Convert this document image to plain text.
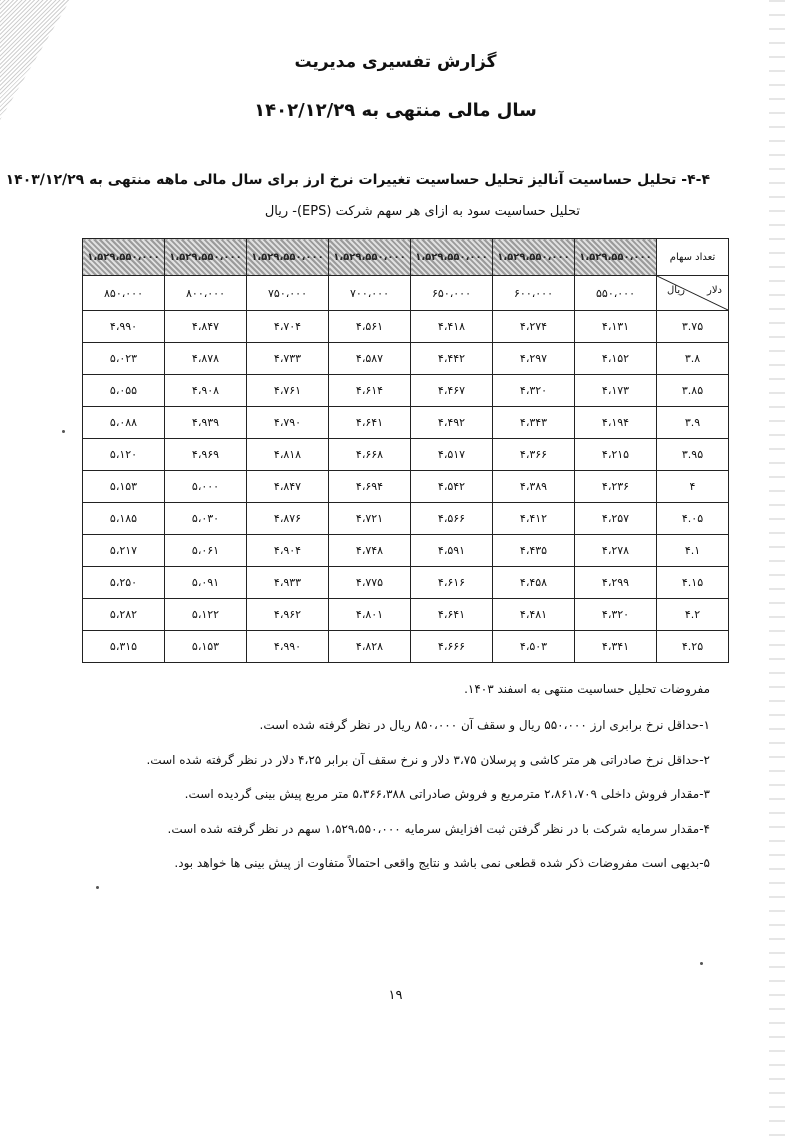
گزارش تفسیری مدیریت
سال مالی منتهی به ۱۴۰۲/۱۲/۲۹
۴-۴- تحلیل حساسیت آنالیز تحلیل حساسیت تغییرات نرخ ارز برای سال مالی ماهه منتهی به ۱۴۰۳/۱۲/۲۹
تحلیل حساسیت سود به ازای هر سهم شرکت (EPS)- ریال
۱،۵۲۹،۵۵۰،۰۰۰	۱،۵۲۹،۵۵۰،۰۰۰	۱،۵۲۹،۵۵۰،۰۰۰	۱،۵۲۹،۵۵۰،۰۰۰	۱،۵۲۹،۵۵۰،۰۰۰	۱،۵۲۹،۵۵۰،۰۰۰	۱،۵۲۹،۵۵۰،۰۰۰	تعداد سهام
۸۵۰،۰۰۰	۸۰۰،۰۰۰	۷۵۰،۰۰۰	۷۰۰،۰۰۰	۶۵۰،۰۰۰	۶۰۰،۰۰۰	۵۵۰،۰۰۰	دلار
ریال

۴،۹۹۰	۴،۸۴۷	۴،۷۰۴	۴،۵۶۱	۴،۴۱۸	۴،۲۷۴	۴،۱۳۱	۳.۷۵
۵،۰۲۳	۴،۸۷۸	۴،۷۳۳	۴،۵۸۷	۴،۴۴۲	۴،۲۹۷	۴،۱۵۲	۳.۸
۵،۰۵۵	۴،۹۰۸	۴،۷۶۱	۴،۶۱۴	۴،۴۶۷	۴،۳۲۰	۴،۱۷۳	۳.۸۵
۵،۰۸۸	۴،۹۳۹	۴،۷۹۰	۴،۶۴۱	۴،۴۹۲	۴،۳۴۳	۴،۱۹۴	۳.۹
۵،۱۲۰	۴،۹۶۹	۴،۸۱۸	۴،۶۶۸	۴،۵۱۷	۴،۳۶۶	۴،۲۱۵	۳.۹۵
۵،۱۵۳	۵،۰۰۰	۴،۸۴۷	۴،۶۹۴	۴،۵۴۲	۴،۳۸۹	۴،۲۳۶	۴
۵،۱۸۵	۵،۰۳۰	۴،۸۷۶	۴،۷۲۱	۴،۵۶۶	۴،۴۱۲	۴،۲۵۷	۴.۰۵
۵،۲۱۷	۵،۰۶۱	۴،۹۰۴	۴،۷۴۸	۴،۵۹۱	۴،۴۳۵	۴،۲۷۸	۴.۱
۵،۲۵۰	۵،۰۹۱	۴،۹۳۳	۴،۷۷۵	۴،۶۱۶	۴،۴۵۸	۴،۲۹۹	۴.۱۵
۵،۲۸۲	۵،۱۲۲	۴،۹۶۲	۴،۸۰۱	۴،۶۴۱	۴،۴۸۱	۴،۳۲۰	۴.۲
۵،۳۱۵	۵،۱۵۳	۴،۹۹۰	۴،۸۲۸	۴،۶۶۶	۴،۵۰۳	۴،۳۴۱	۴.۲۵
مفروضات تحلیل حساسیت منتهی به اسفند ۱۴۰۳.
۱-حداقل نرخ برابری ارز ۵۵۰،۰۰۰ ریال و سقف آن ۸۵۰،۰۰۰ ریال در نظر گرفته شده است.
۲-حداقل نرخ صادراتی هر متر کاشی و پرسلان ۳،۷۵ دلار و نرخ سقف آن برابر ۴،۲۵ دلار در نظر گرفته شده است.
۳-مقدار فروش داخلی ۲،۸۶۱،۷۰۹ مترمربع و فروش صادراتی ۵،۳۶۶،۳۸۸ متر مربع پیش بینی گردیده است.
۴-مقدار سرمایه شرکت با در نظر گرفتن ثبت افزایش سرمایه ۱،۵۲۹،۵۵۰،۰۰۰ سهم در نظر گرفته شده است.
۵-بدیهی است مفروضات ذکر شده قطعی نمی باشد و نتایج واقعی احتمالاً متفاوت از پیش بینی ها خواهد بود.
۱۹
